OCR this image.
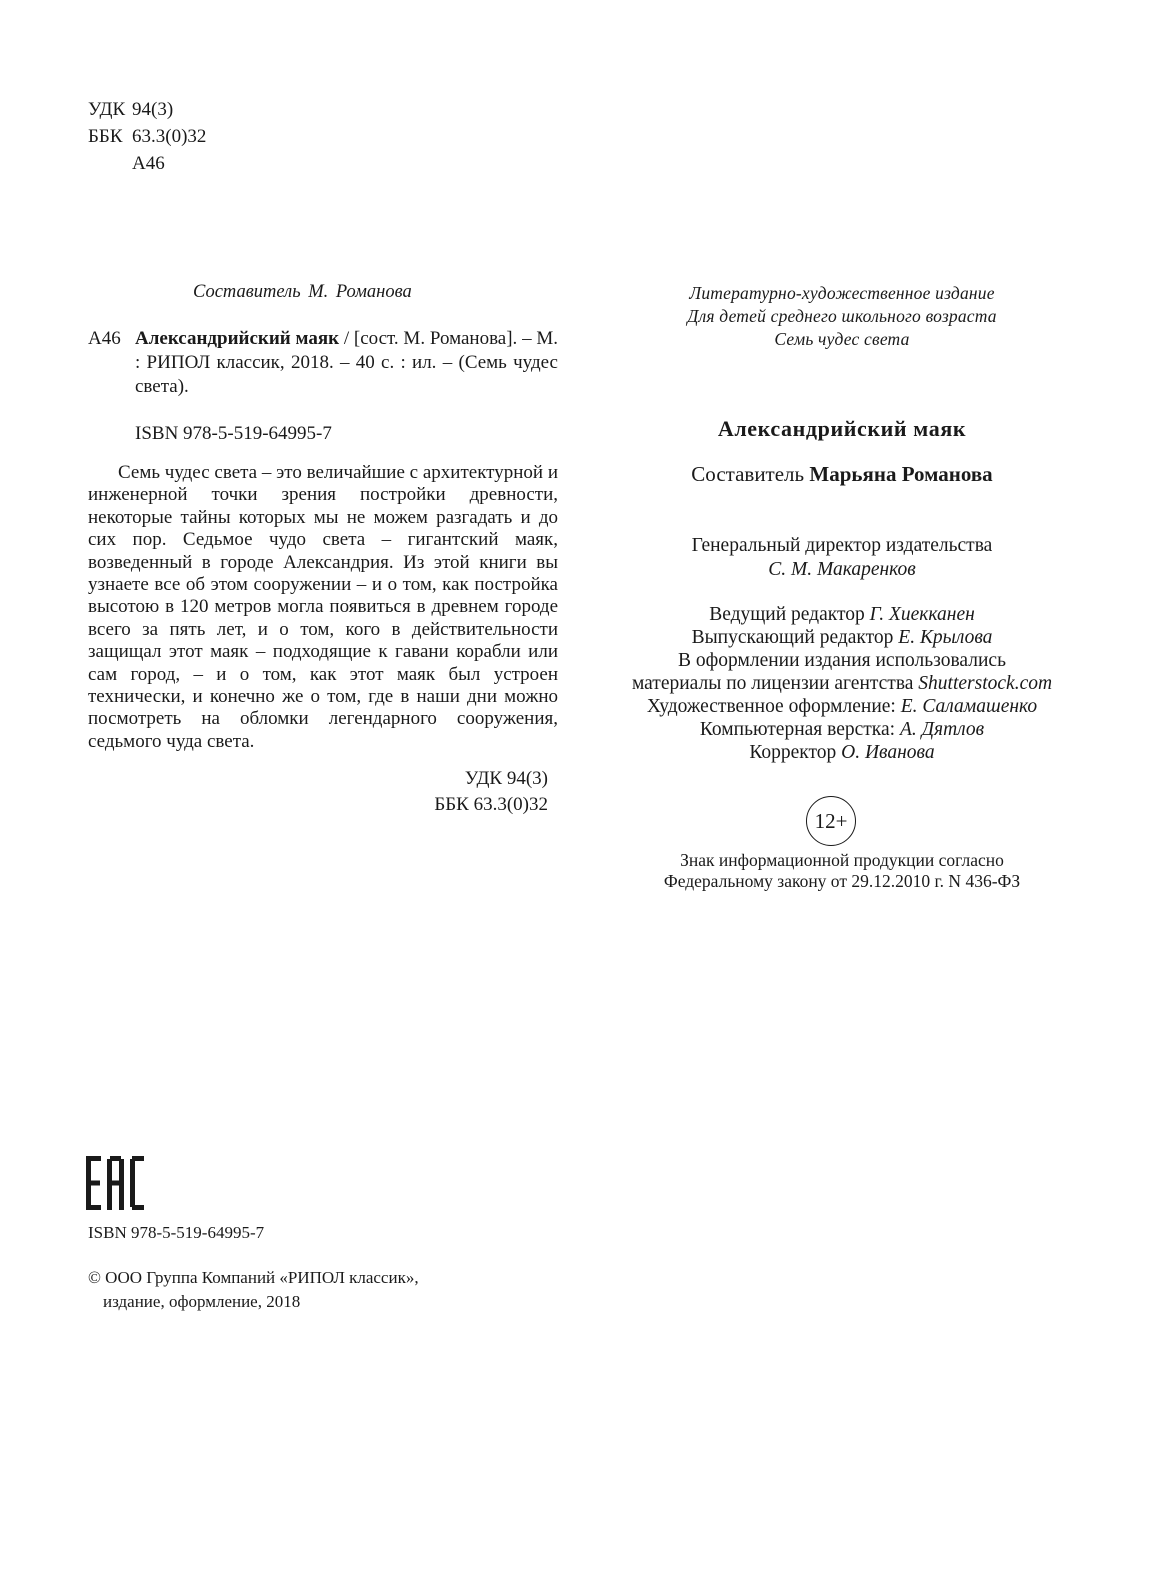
УДК 94(3)
ББК 63.3(0)32
А46
Составитель М. Романова
А46 Александрийский маяк / [сост. М. Романова]. – М. : РИПОЛ классик, 2018. – 40 с. : ил. – (Семь чудес света).
ISBN 978-5-519-64995-7
Семь чудес света – это величайшие с архитектурной и инженерной точки зрения постройки древности, некоторые тайны которых мы не можем разгадать и до сих пор. Седьмое чудо света – гигантский маяк, возведенный в городе Александрия. Из этой книги вы узнаете все об этом сооружении – и о том, как постройка высотою в 120 метров могла появиться в древнем городе всего за пять лет, и о том, кого в действительности защищал этот маяк – подходящие к гавани корабли или сам город, – и о том, как этот маяк был устроен технически, и конечно же о том, где в наши дни можно посмотреть на обломки легендарного сооружения, седьмого чуда света.
УДК 94(3)
ББК 63.3(0)32
Литературно-художественное издание
Для детей среднего школьного возраста
Семь чудес света
Александрийский маяк
Составитель Марьяна Романова
Генеральный директор издательства
С. М. Макаренков
Ведущий редактор Г. Хиекканен
Выпускающий редактор Е. Крылова
В оформлении издания использовались
материалы по лицензии агентства Shutterstock.com
Художественное оформление: Е. Саламашенко
Компьютерная верстка: А. Дятлов
Корректор О. Иванова
12+
Знак информационной продукции согласно
Федеральному закону от 29.12.2010 г. N 436-ФЗ
ISBN 978-5-519-64995-7
© ООО Группа Компаний «РИПОЛ классик»,
издание, оформление, 2018
